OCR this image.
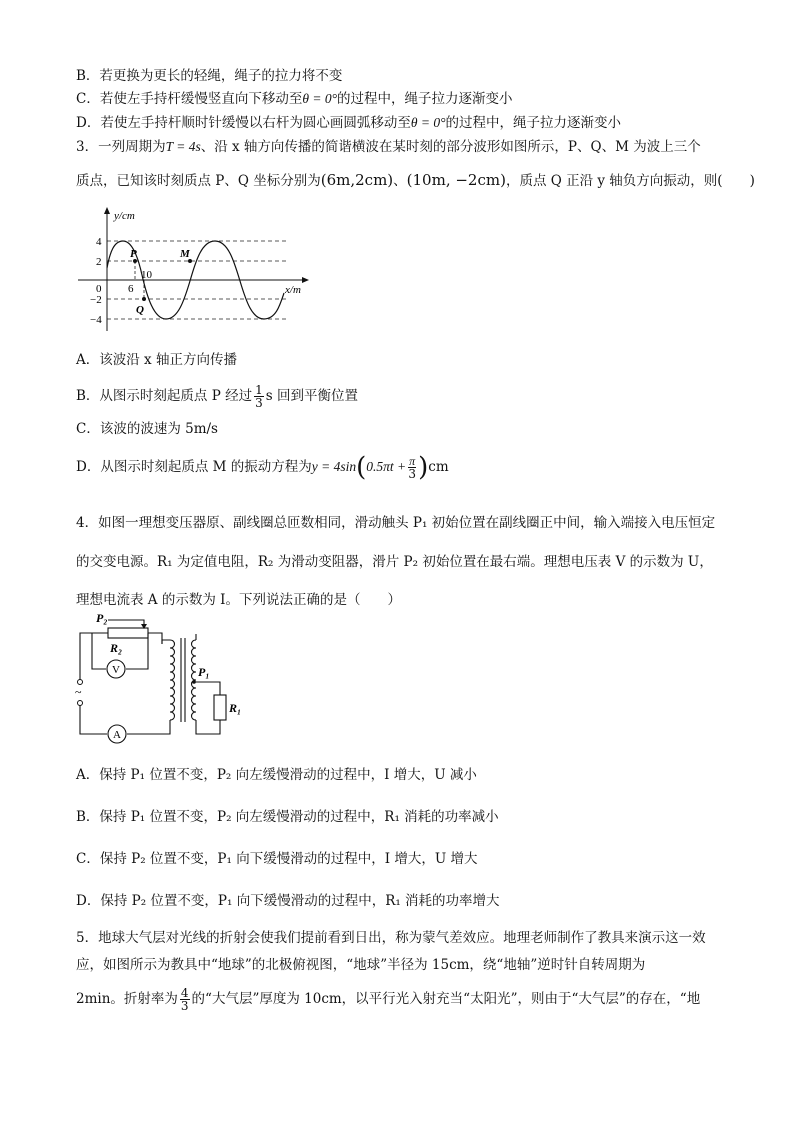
B．若更换为更长的轻绳，绳子的拉力将不变
C．若使左手持杆缓慢竖直向下移动至θ = 0°的过程中，绳子拉力逐渐变小
D．若使左手持杆顺时针缓慢以右杆为圆心画圆弧移动至θ = 0°的过程中，绳子拉力逐渐变小
3．一列周期为T = 4s、沿 x 轴方向传播的简谐横波在某时刻的部分波形如图所示，P、Q、M 为波上三个
质点，已知该时刻质点 P、Q 坐标分别为(6m,2cm)、(10m, −2cm)，质点 Q 正沿 y 轴负方向振动，则(　　)
y/cm
x/m
4
2
0
−2
−4
6
10
P
Q
M
A．该波沿 x 轴正方向传播
B．从图示时刻起质点 P 经过 $\frac{1}{3}$ s 回到平衡位置
C．该波的波速为 5m/s
D．从图示时刻起质点 M 的振动方程为$y = 4\sin(0.5\pi t + \frac{\pi}{3} )cm$
4．如图一理想变压器原、副线圈总匝数相同，滑动触头 P₁ 初始位置在副线圈正中间，输入端接入电压恒定
的交变电源。R₁ 为定值电阻，R₂ 为滑动变阻器，滑片 P₂ 初始位置在最右端。理想电压表 V 的示数为 U，
理想电流表 A 的示数为 I。下列说法正确的是（　　）
P₂
R₂
V
A
~
P₁
R₁
A．保持 P₁ 位置不变，P₂ 向左缓慢滑动的过程中，I 增大，U 减小
B．保持 P₁ 位置不变，P₂ 向左缓慢滑动的过程中，R₁ 消耗的功率减小
C．保持 P₂ 位置不变，P₁ 向下缓慢滑动的过程中，I 增大，U 增大
D．保持 P₂ 位置不变，P₁ 向下缓慢滑动的过程中，R₁ 消耗的功率增大
5．地球大气层对光线的折射会使我们提前看到日出，称为蒙气差效应。地理老师制作了教具来演示这一效
应，如图所示为教具中“地球”的北极俯视图，“地球”半径为 15cm，绕“地轴”逆时针自转周期为
2min。折射率为 $\frac{4}{3}$ 的“大气层”厚度为 10cm，以平行光入射充当“太阳光”，则由于“大气层”的存在，“地
